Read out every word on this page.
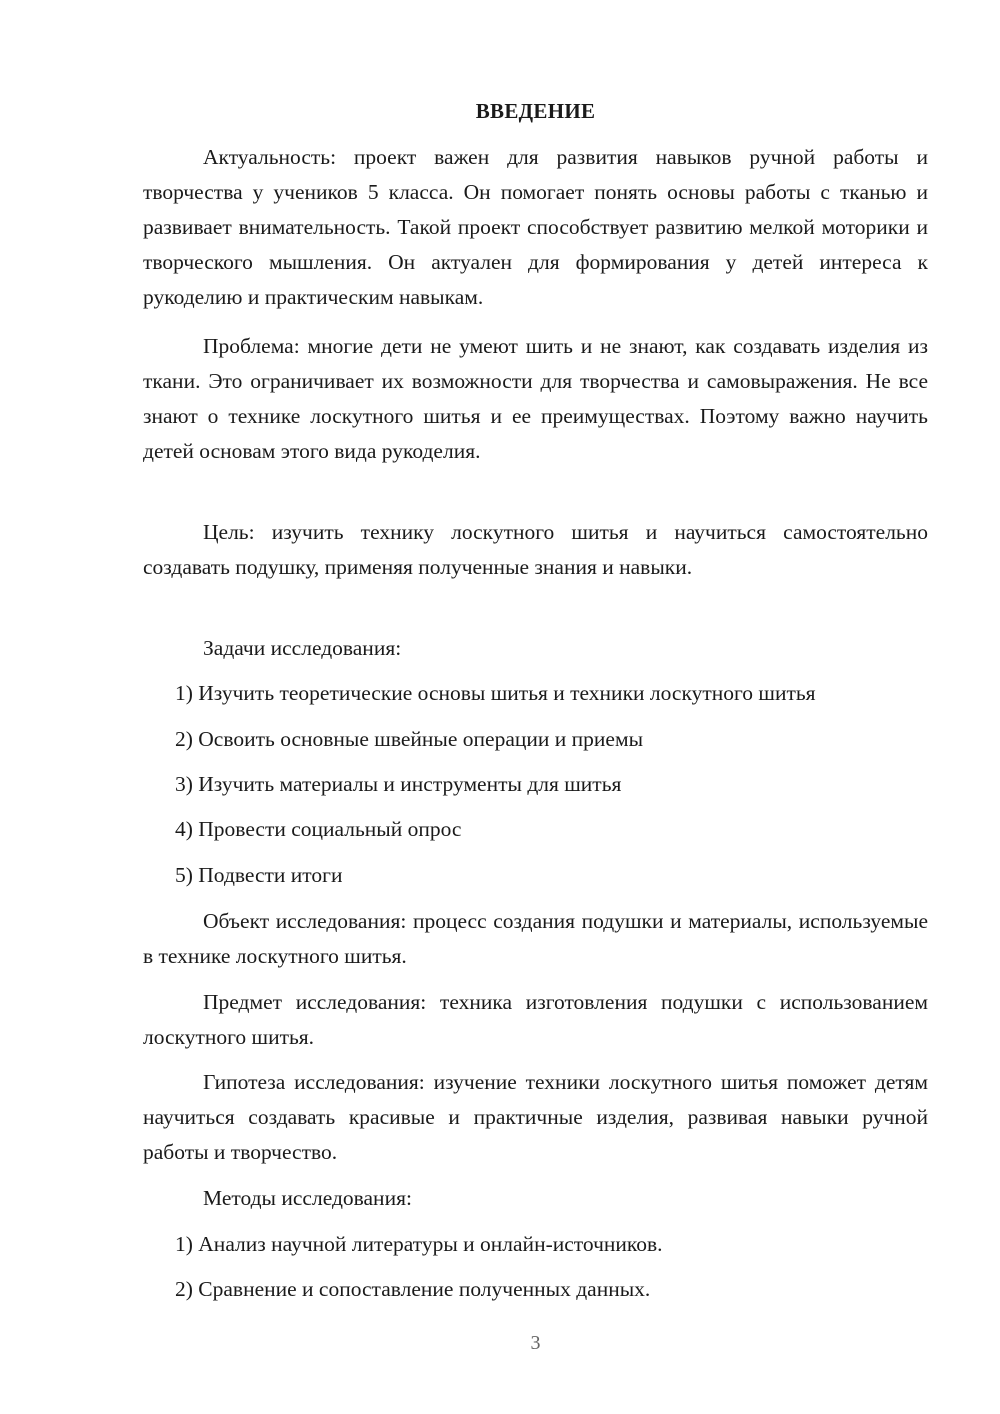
ВВЕДЕНИЕ

Актуальность: проект важен для развития навыков ручной работы и творчества у учеников 5 класса. Он помогает понять основы работы с тканью и развивает внимательность. Такой проект способствует развитию мелкой моторики и творческого мышления. Он актуален для формирования у детей интереса к рукоделию и практическим навыкам.

Проблема: многие дети не умеют шить и не знают, как создавать изделия из ткани. Это ограничивает их возможности для творчества и самовыражения. Не все знают о технике лоскутного шитья и ее преимуществах. Поэтому важно научить детей основам этого вида рукоделия.

Цель: изучить технику лоскутного шитья и научиться самостоятельно создавать подушку, применяя полученные знания и навыки.

Задачи исследования:
1) Изучить теоретические основы шитья и техники лоскутного шитья
2) Освоить основные швейные операции и приемы
3) Изучить материалы и инструменты для шитья
4) Провести социальный опрос
5) Подвести итоги

Объект исследования: процесс создания подушки и материалы, используемые в технике лоскутного шитья.

Предмет исследования: техника изготовления подушки с использованием лоскутного шитья.

Гипотеза исследования: изучение техники лоскутного шитья поможет детям научиться создавать красивые и практичные изделия, развивая навыки ручной работы и творчество.

Методы исследования:
1) Анализ научной литературы и онлайн-источников.
2) Сравнение и сопоставление полученных данных.
3
